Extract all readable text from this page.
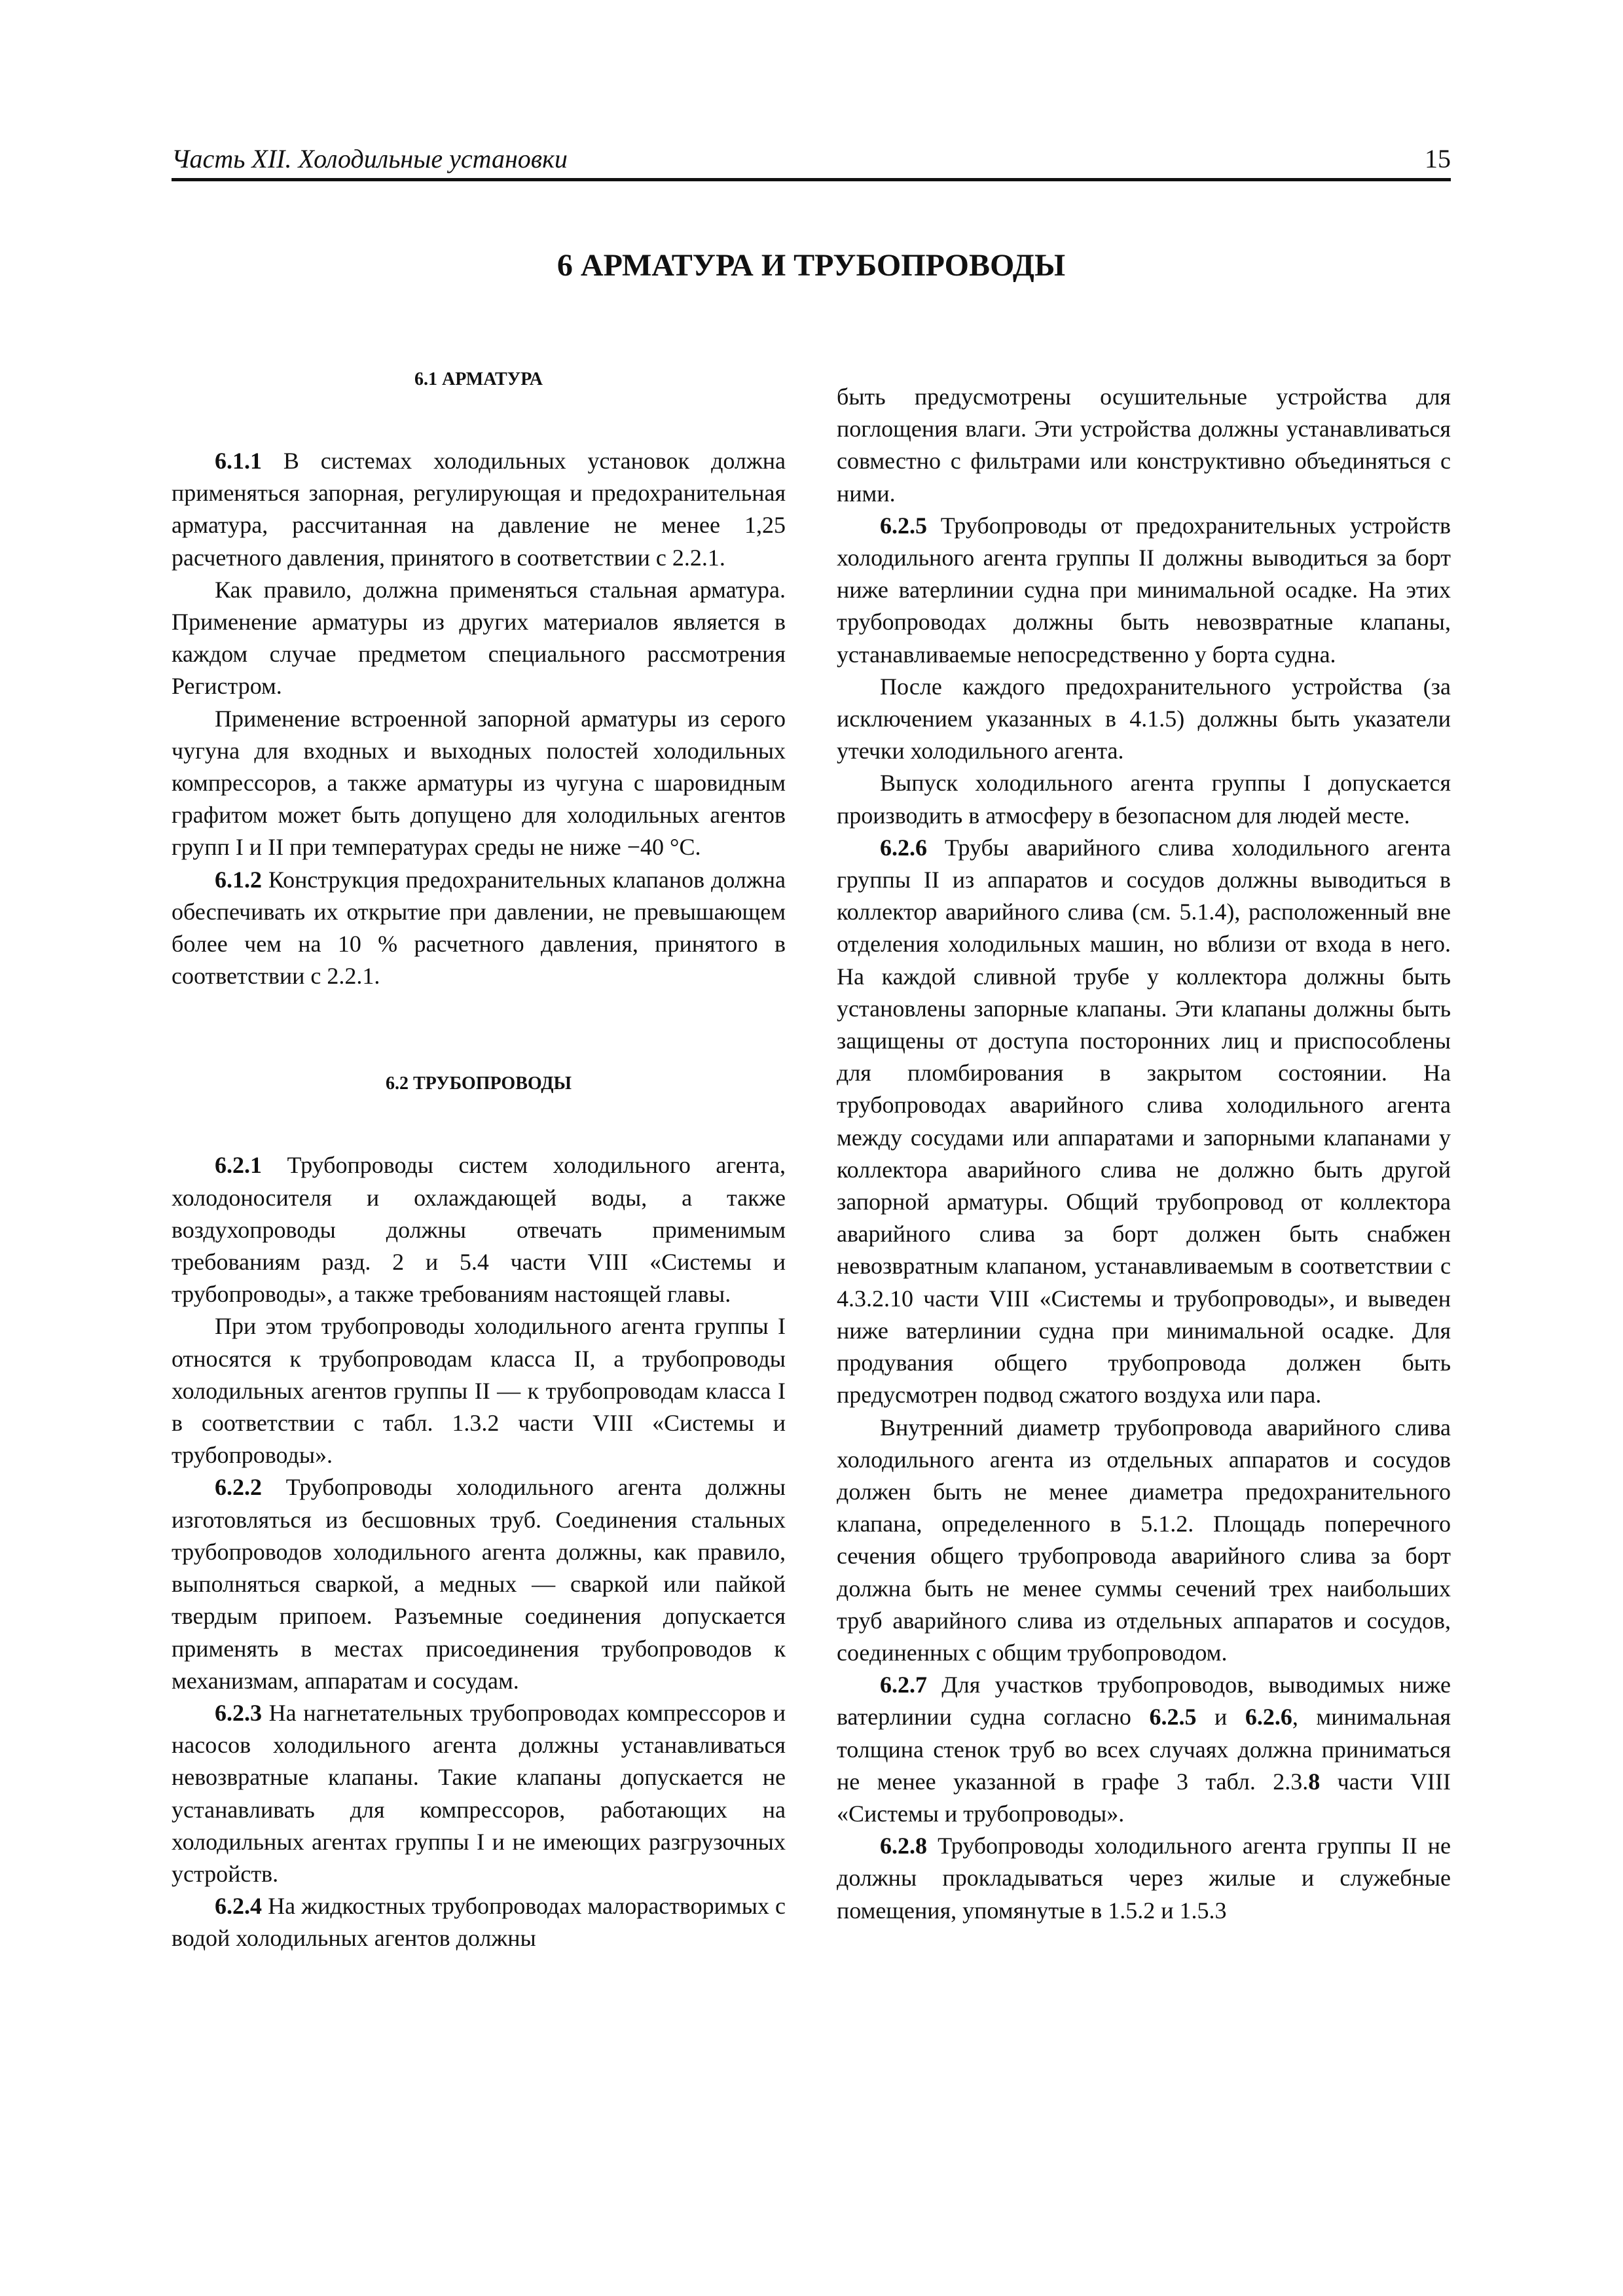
Часть XII. Холодильные установки	15
6 АРМАТУРА И ТРУБОПРОВОДЫ

6.1 АРМАТУРА

6.1.1 В системах холодильных установок должна применяться запорная, регулирующая и предохранительная арматура, рассчитанная на давление не менее 1,25 расчетного давления, принятого в соответствии с 2.2.1.

Как правило, должна применяться стальная арматура. Применение арматуры из других материалов является в каждом случае предметом специального рассмотрения Регистром.

Применение встроенной запорной арматуры из серого чугуна для входных и выходных полостей холодильных компрессоров, а также арматуры из чугуна с шаровидным графитом может быть допущено для холодильных агентов групп I и II при температурах среды не ниже −40 °С.

6.1.2 Конструкция предохранительных клапанов должна обеспечивать их открытие при давлении, не превышающем более чем на 10 % расчетного давления, принятого в соответствии с 2.2.1.

6.2 ТРУБОПРОВОДЫ

6.2.1 Трубопроводы систем холодильного агента, холодоносителя и охлаждающей воды, а также воздухопроводы должны отвечать применимым требованиям разд. 2 и 5.4 части VIII «Системы и трубопроводы», а также требованиям настоящей главы.

При этом трубопроводы холодильного агента группы I относятся к трубопроводам класса II, а трубопроводы холодильных агентов группы II — к трубопроводам класса I в соответствии с табл. 1.3.2 части VIII «Системы и трубопроводы».

6.2.2 Трубопроводы холодильного агента должны изготовляться из бесшовных труб. Соединения стальных трубопроводов холодильного агента должны, как правило, выполняться сваркой, а медных — сваркой или пайкой твердым припоем. Разъемные соединения допускается применять в местах присоединения трубопроводов к механизмам, аппаратам и сосудам.

6.2.3 На нагнетательных трубопроводах компрессоров и насосов холодильного агента должны устанавливаться невозвратные клапаны. Такие клапаны допускается не устанавливать для компрессоров, работающих на холодильных агентах группы I и не имеющих разгрузочных устройств.

6.2.4 На жидкостных трубопроводах малорастворимых с водой холодильных агентов должны

быть предусмотрены осушительные устройства для поглощения влаги. Эти устройства должны устанавливаться совместно с фильтрами или конструктивно объединяться с ними.

6.2.5 Трубопроводы от предохранительных устройств холодильного агента группы II должны выводиться за борт ниже ватерлинии судна при минимальной осадке. На этих трубопроводах должны быть невозвратные клапаны, устанавливаемые непосредственно у борта судна.

После каждого предохранительного устройства (за исключением указанных в 4.1.5) должны быть указатели утечки холодильного агента.

Выпуск холодильного агента группы I допускается производить в атмосферу в безопасном для людей месте.

6.2.6 Трубы аварийного слива холодильного агента группы II из аппаратов и сосудов должны выводиться в коллектор аварийного слива (см. 5.1.4), расположенный вне отделения холодильных машин, но вблизи от входа в него. На каждой сливной трубе у коллектора должны быть установлены запорные клапаны. Эти клапаны должны быть защищены от доступа посторонних лиц и приспособлены для пломбирования в закрытом состоянии. На трубопроводах аварийного слива холодильного агента между сосудами или аппаратами и запорными клапанами у коллектора аварийного слива не должно быть другой запорной арматуры. Общий трубопровод от коллектора аварийного слива за борт должен быть снабжен невозвратным клапаном, устанавливаемым в соответствии с 4.3.2.10 части VIII «Системы и трубопроводы», и выведен ниже ватерлинии судна при минимальной осадке. Для продувания общего трубопровода должен быть предусмотрен подвод сжатого воздуха или пара.

Внутренний диаметр трубопровода аварийного слива холодильного агента из отдельных аппаратов и сосудов должен быть не менее диаметра предохранительного клапана, определенного в 5.1.2. Площадь поперечного сечения общего трубопровода аварийного слива за борт должна быть не менее суммы сечений трех наибольших труб аварийного слива из отдельных аппаратов и сосудов, соединенных с общим трубопроводом.

6.2.7 Для участков трубопроводов, выводимых ниже ватерлинии судна согласно 6.2.5 и 6.2.6, минимальная толщина стенок труб во всех случаях должна приниматься не менее указанной в графе 3 табл. 2.3.8 части VIII «Системы и трубопроводы».

6.2.8 Трубопроводы холодильного агента группы II не должны прокладываться через жилые и служебные помещения, упомянутые в 1.5.2 и 1.5.3
